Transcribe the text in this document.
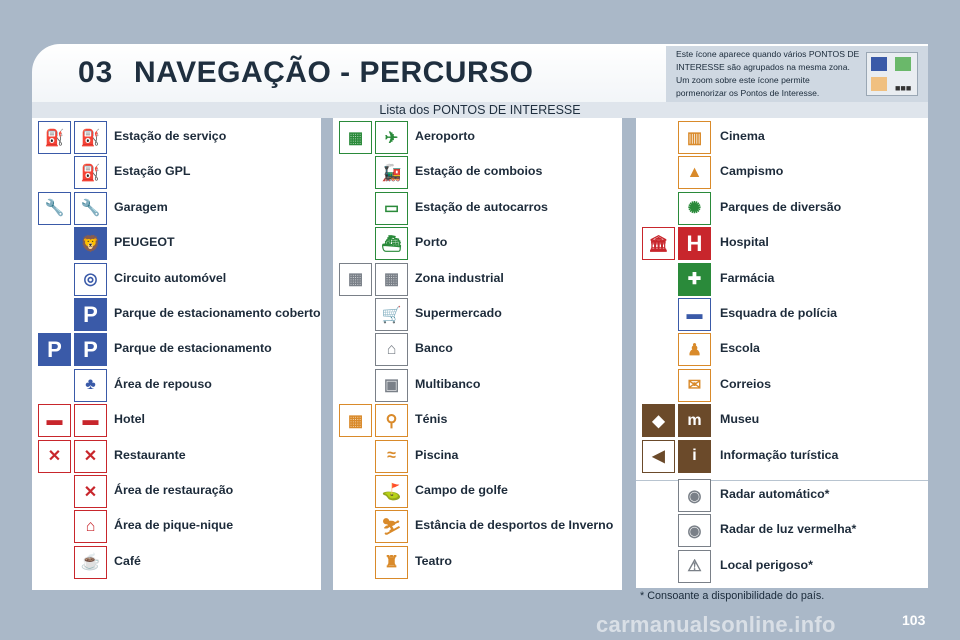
03 NAVEGAÇÃO - PERCURSO
Este ícone aparece quando vários PONTOS DE INTERESSE são agrupados na mesma zona. Um zoom sobre este ícone permite pormenorizar os Pontos de Interesse.	■■■
Lista dos PONTOS DE INTERESSE
* Consoante a disponibilidade do país.
103
carmanualsonline.info
⛽	⛽	Estação de serviço
⛽	Estação GPL
🔧	🔧	Garagem
🦁	PEUGEOT
◎	Circuito automóvel
P	Parque de estacionamento coberto
P P	Parque de estacionamento
♣	Área de repouso
▬	▬	Hotel
✕	✕	Restaurante
✕	Área de restauração
⌂	Área de pique-nique
☕	Café
▦	✈	Aeroporto
🚂	Estação de comboios
▭	Estação de autocarros
⛴	Porto
▦	▦	Zona industrial
🛒	Supermercado
⌂	Banco
▣	Multibanco
▦	⚲	Ténis
≈	Piscina
⛳	Campo de golfe
⛷	Estância de desportos de Inverno
♜	Teatro
▥	Cinema
▲	Campismo
✺	Parques de diversão
🏛 H	Hospital
✚	Farmácia
▬	Esquadra de polícia
♟	Escola
✉	Correios
◆	m	Museu
◀	i	Informação turística
◉	Radar automático*
◉	Radar de luz vermelha*
⚠	Local perigoso*
